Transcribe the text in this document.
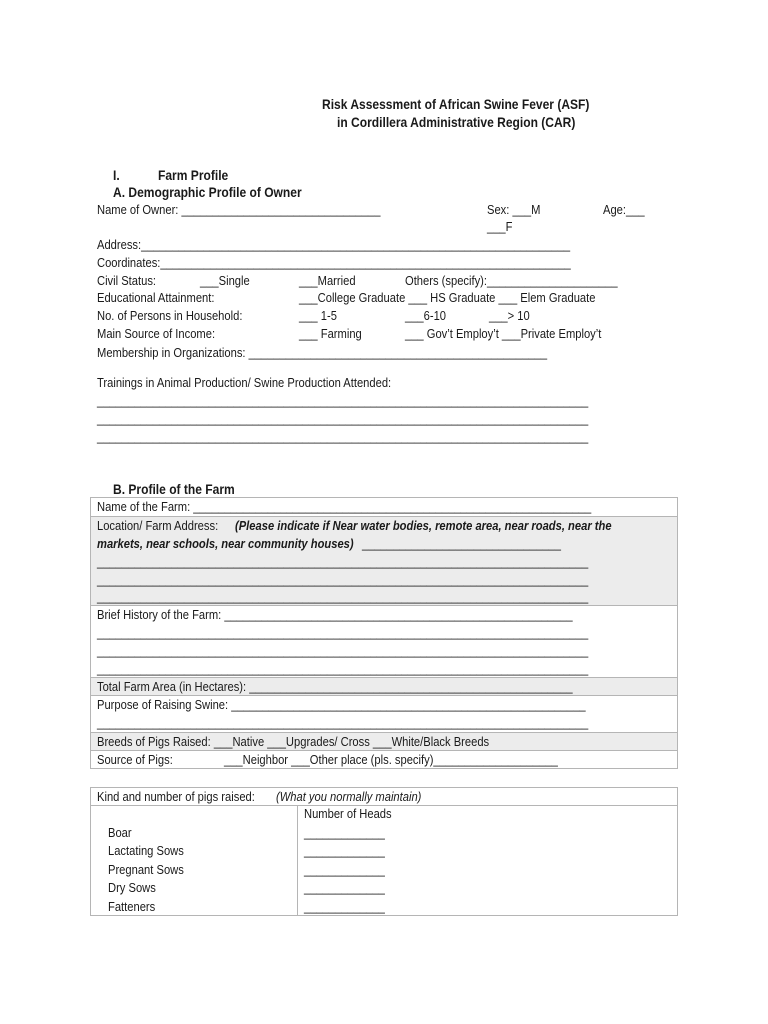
Risk Assessment of African Swine Fever (ASF)
in Cordillera Administrative Region (CAR)
I.	Farm Profile
A. Demographic Profile of Owner
Name of Owner: ________________________________	Sex: ___M	Age:___
___F
Address:_____________________________________________________________________
Coordinates:__________________________________________________________________
Civil Status:	___Single	___Married	Others (specify):_____________________
Educational Attainment:	___College Graduate ___ HS Graduate ___ Elem Graduate
No. of Persons in Household:	___ 1-5	___6-10	___> 10
Main Source of Income:	___ Farming	___ Gov’t Employ’t ___Private Employ’t
Membership in Organizations: ________________________________________________
Trainings in Animal Production/ Swine Production Attended:
_______________________________________________________________________________
_______________________________________________________________________________
_______________________________________________________________________________
B. Profile of the Farm
Name of the Farm: ________________________________________________________________
Location/ Farm Address: (Please indicate if Near water bodies, remote area, near roads, near the
markets, near schools, near community houses) ________________________________
_______________________________________________________________________________
_______________________________________________________________________________
_______________________________________________________________________________
Brief History of the Farm: ________________________________________________________
_______________________________________________________________________________
_______________________________________________________________________________
_______________________________________________________________________________
Total Farm Area (in Hectares): ____________________________________________________
Purpose of Raising Swine: _________________________________________________________
_______________________________________________________________________________
Breeds of Pigs Raised: ___Native ___Upgrades/ Cross ___White/Black Breeds
Source of Pigs:	___Neighbor ___Other place (pls. specify)____________________
Kind and number of pigs raised: (What you normally maintain)
Number of Heads
Boar	_____________
Lactating Sows	_____________
Pregnant Sows	_____________
Dry Sows	_____________
Fatteners	_____________
